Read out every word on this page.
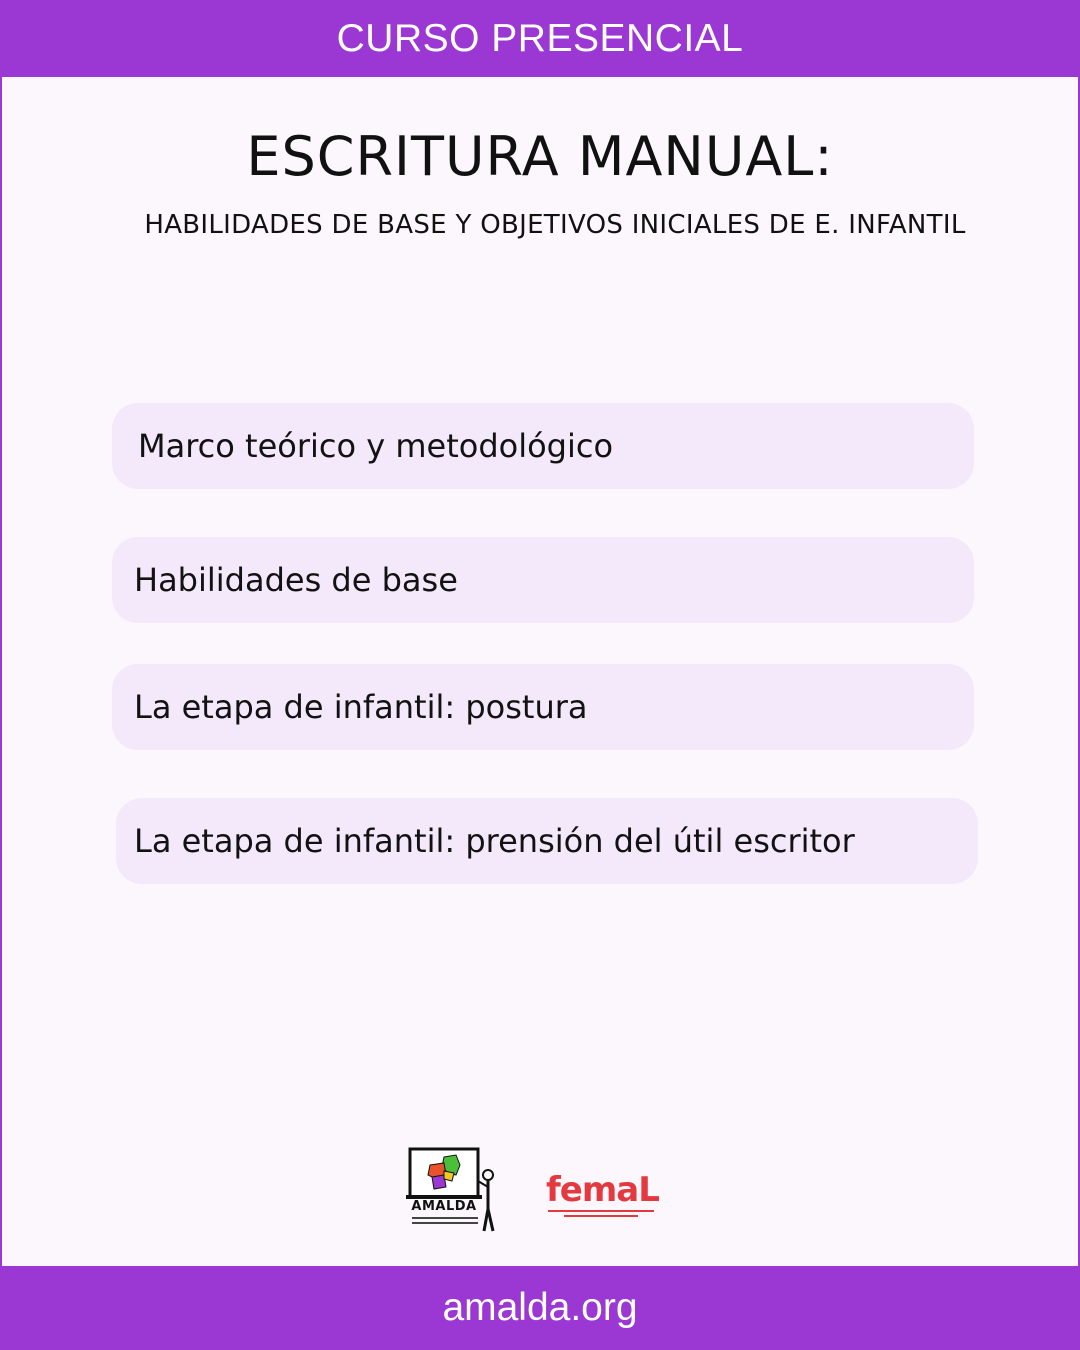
CURSO PRESENCIAL
ESCRITURA MANUAL:

HABILIDADES DE BASE Y OBJETIVOS INICIALES DE E. INFANTIL

Marco teórico y metodológico
Habilidades de base
La etapa de infantil: postura
La etapa de infantil: prensión del útil escritor
AMALDA femaL
amalda.org
